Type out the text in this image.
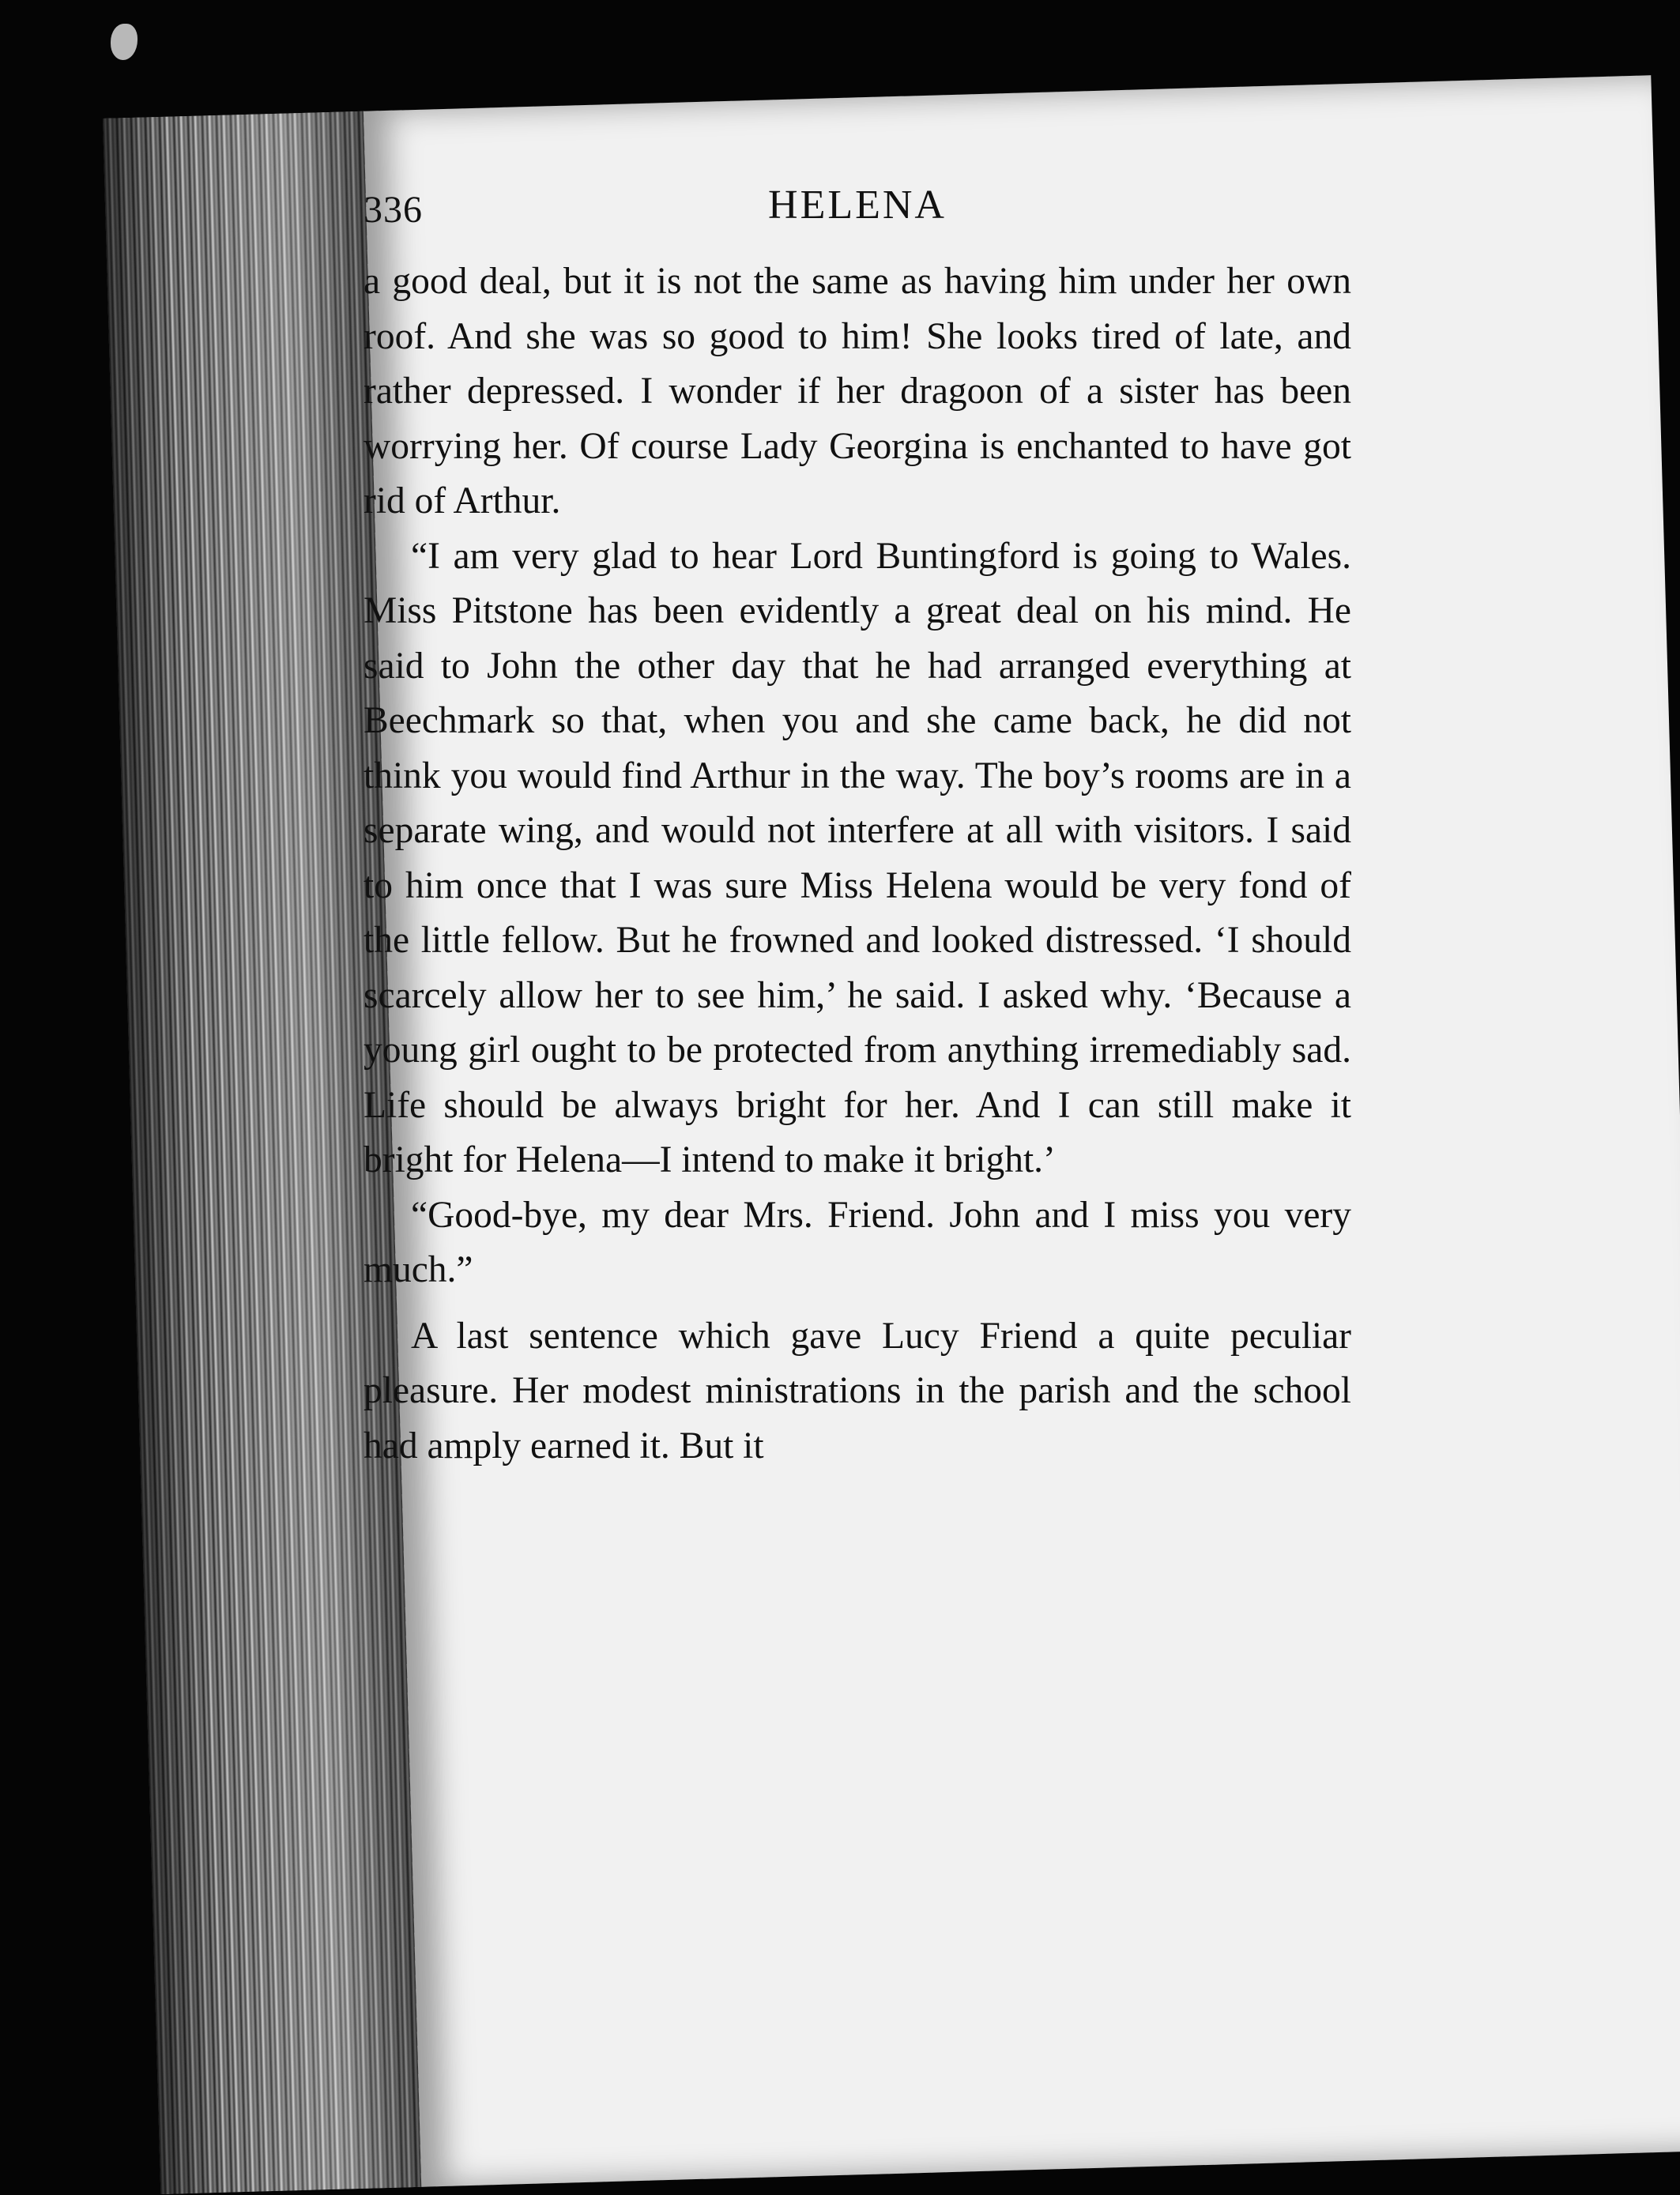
336	HELENA

a good deal, but it is not the same as having him under her own roof. And she was so good to him! She looks tired of late, and rather depressed. I wonder if her dragoon of a sister has been worrying her. Of course Lady Georgina is enchanted to have got rid of Arthur.

“I am very glad to hear Lord Buntingford is going to Wales. Miss Pitstone has been evidently a great deal on his mind. He said to John the other day that he had arranged everything at Beechmark so that, when you and she came back, he did not think you would find Arthur in the way. The boy’s rooms are in a separate wing, and would not interfere at all with visitors. I said to him once that I was sure Miss Helena would be very fond of the little fellow. But he frowned and looked distressed. ‘I should scarcely allow her to see him,’ he said. I asked why. ‘Because a young girl ought to be protected from anything irremediably sad. Life should be always bright for her. And I can still make it bright for Helena—I intend to make it bright.’

“Good-bye, my dear Mrs. Friend. John and I miss you very much.”

A last sentence which gave Lucy Friend a quite peculiar pleasure. Her modest ministrations in the parish and the school had amply earned it. But it
